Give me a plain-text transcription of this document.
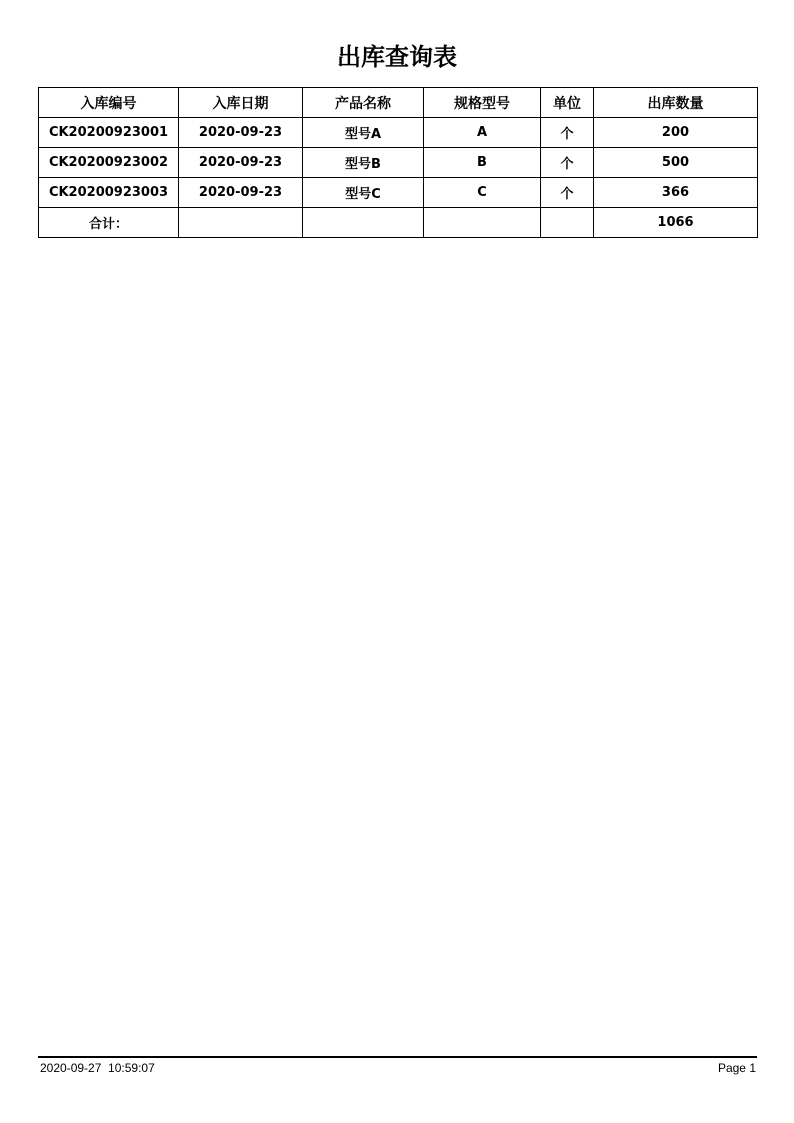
出库查询表
入库编号	入库日期	产品名称	规格型号	单位	出库数量
CK20200923001	2020-09-23	型号A	A	个	200
CK20200923002	2020-09-23	型号B	B	个	500
CK20200923003	2020-09-23	型号C	C	个	366
合计：					1066
2020-09-27  10:59:07	Page 1
